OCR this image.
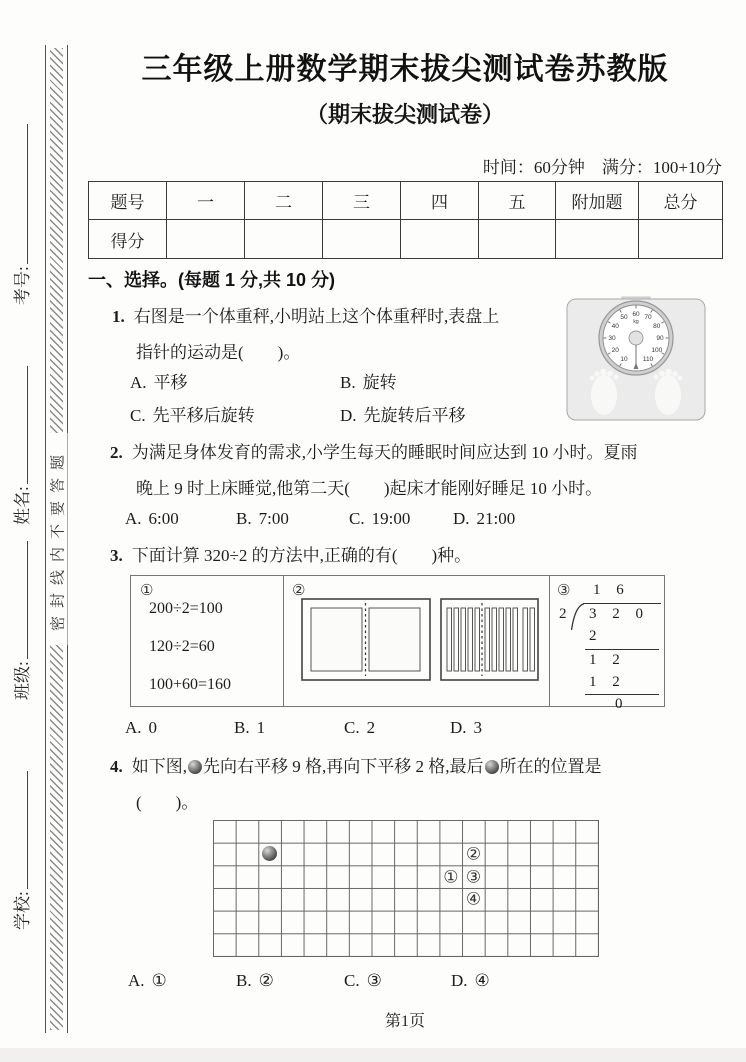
学校:
班级:
姓名:
考号:
密封线内不要答题
三年级上册数学期末拔尖测试卷苏教版
（期末拔尖测试卷）
时间：60分钟　满分：100+10分
题号	一	二	三	四	五	附加题	总分
得分							
一、选择。(每题 1 分,共 10 分)
1. 右图是一个体重秤,小明站上这个体重秤时,表盘上
指针的运动是(　　)。
A. 平移	B. 旋转
C. 先平移后旋转	D. 先旋转后平移
10
20
30
40
50 60 70
80
90
100
110
kg
2. 为满足身体发育的需求,小学生每天的睡眠时间应达到 10 小时。夏雨
晚上 9 时上床睡觉,他第二天(　　)起床才能刚好睡足 10 小时。
A. 6:00	B. 7:00	C. 19:00	D. 21:00
3. 下面计算 320÷2 的方法中,正确的有(　　)种。
①
200÷2=100
120÷2=60
100+60=160
②	③ 1 6
2 3 2 0
2
1 2
1 2
0
A. 0	B. 1	C. 2	D. 3
4. 如下图, 先向右平移 9 格,再向下平移 2 格,最后 所在的位置是
(　　)。
②
① ③
④
A. ①	B. ②	C. ③	D. ④
第1页
